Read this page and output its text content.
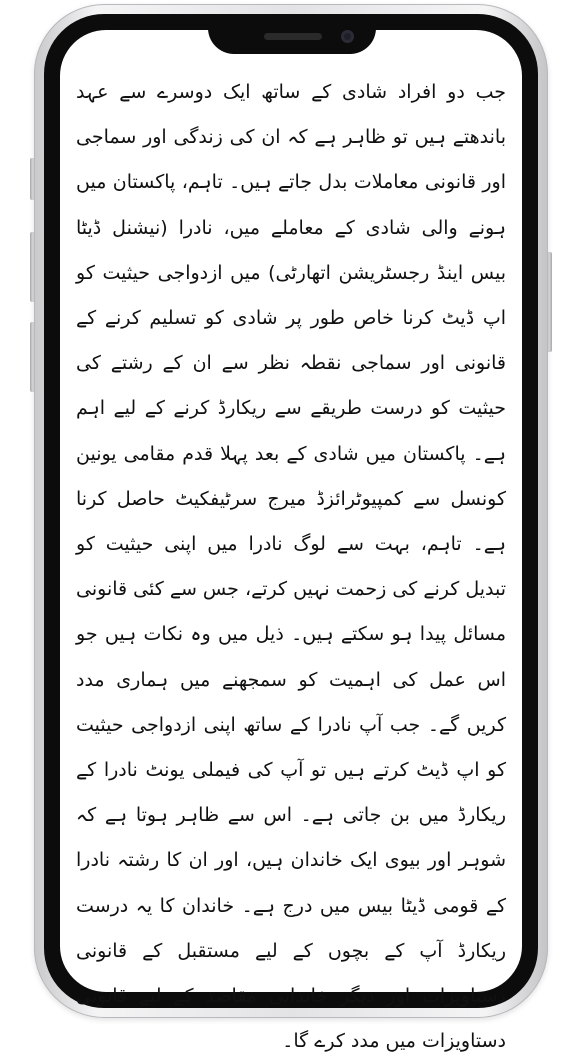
جب دو افراد شادی کے ساتھ ایک دوسرے سے عہد باندھتے ہیں تو ظاہر ہے کہ ان کی زندگی اور سماجی اور قانونی معاملات بدل جاتے ہیں۔ تاہم، پاکستان میں ہونے والی شادی کے معاملے میں، نادرا (نیشنل ڈیٹا بیس اینڈ رجسٹریشن اتھارٹی) میں ازدواجی حیثیت کو اپ ڈیٹ کرنا خاص طور پر شادی کو تسلیم کرنے کے قانونی اور سماجی نقطہ نظر سے ان کے رشتے کی حیثیت کو درست طریقے سے ریکارڈ کرنے کے لیے اہم ہے۔ پاکستان میں شادی کے بعد پہلا قدم مقامی یونین کونسل سے کمپیوٹرائزڈ میرج سرٹیفکیٹ حاصل کرنا ہے۔ تاہم، بہت سے لوگ نادرا میں اپنی حیثیت کو تبدیل کرنے کی زحمت نہیں کرتے، جس سے کئی قانونی مسائل پیدا ہو سکتے ہیں۔ ذیل میں وہ نکات ہیں جو اس عمل کی اہمیت کو سمجھنے میں ہماری مدد کریں گے۔ جب آپ نادرا کے ساتھ اپنی ازدواجی حیثیت کو اپ ڈیٹ کرتے ہیں تو آپ کی فیملی یونٹ نادرا کے ریکارڈ میں بن جاتی ہے۔ اس سے ظاہر ہوتا ہے کہ شوہر اور بیوی ایک خاندان ہیں، اور ان کا رشتہ نادرا کے قومی ڈیٹا بیس میں درج ہے۔ خاندان کا یہ درست ریکارڈ آپ کے بچوں کے لیے مستقبل کے قانونی دستاویزات اور دیگر خاندانی مقاصد کے لیے قانونی دستاویزات میں مدد کرے گا۔
